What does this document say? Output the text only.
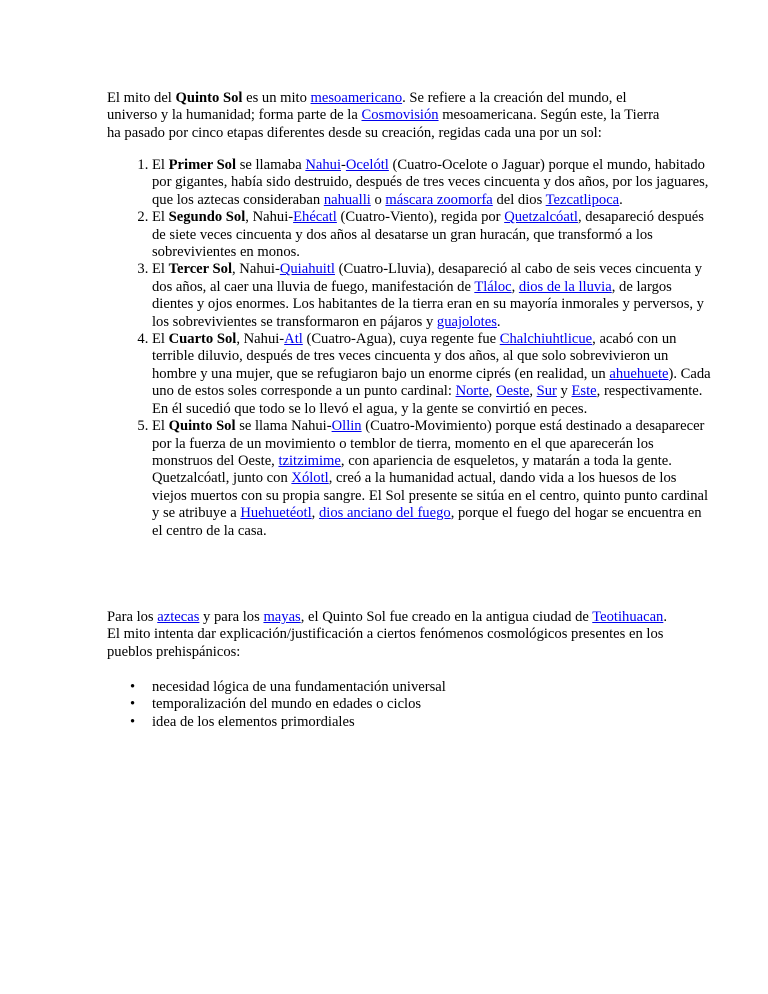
El mito del Quinto Sol es un mito mesoamericano. Se refiere a la creación del mundo, el universo y la humanidad; forma parte de la Cosmovisión mesoamericana. Según este, la Tierra ha pasado por cinco etapas diferentes desde su creación, regidas cada una por un sol:

1. El Primer Sol se llamaba Nahui-Ocelótl (Cuatro-Ocelote o Jaguar) porque el mundo, habitado por gigantes, había sido destruido, después de tres veces cincuenta y dos años, por los jaguares, que los aztecas consideraban nahualli o máscara zoomorfa del dios Tezcatlipoca.
2. El Segundo Sol, Nahui-Ehécatl (Cuatro-Viento), regida por Quetzalcóatl, desapareció después de siete veces cincuenta y dos años al desatarse un gran huracán, que transformó a los sobrevivientes en monos.
3. El Tercer Sol, Nahui-Quiahuitl (Cuatro-Lluvia), desapareció al cabo de seis veces cincuenta y dos años, al caer una lluvia de fuego, manifestación de Tláloc, dios de la lluvia, de largos dientes y ojos enormes. Los habitantes de la tierra eran en su mayoría inmorales y perversos, y los sobrevivientes se transformaron en pájaros y guajolotes.
4. El Cuarto Sol, Nahui-Atl (Cuatro-Agua), cuya regente fue Chalchiuhtlicue, acabó con un terrible diluvio, después de tres veces cincuenta y dos años, al que solo sobrevivieron un hombre y una mujer, que se refugiaron bajo un enorme ciprés (en realidad, un ahuehuete). Cada uno de estos soles corresponde a un punto cardinal: Norte, Oeste, Sur y Este, respectivamente. En él sucedió que todo se lo llevó el agua, y la gente se convirtió en peces.
5. El Quinto Sol se llama Nahui-Ollin (Cuatro-Movimiento) porque está destinado a desaparecer por la fuerza de un movimiento o temblor de tierra, momento en el que aparecerán los monstruos del Oeste, tzitzimime, con apariencia de esqueletos, y matarán a toda la gente. Quetzalcóatl, junto con Xólotl, creó a la humanidad actual, dando vida a los huesos de los viejos muertos con su propia sangre. El Sol presente se sitúa en el centro, quinto punto cardinal y se atribuye a Huehuetéotl, dios anciano del fuego, porque el fuego del hogar se encuentra en el centro de la casa.

Para los aztecas y para los mayas, el Quinto Sol fue creado en la antigua ciudad de Teotihuacan. El mito intenta dar explicación/justificación a ciertos fenómenos cosmológicos presentes en los pueblos prehispánicos:

• necesidad lógica de una fundamentación universal
• temporalización del mundo en edades o ciclos
• idea de los elementos primordiales
